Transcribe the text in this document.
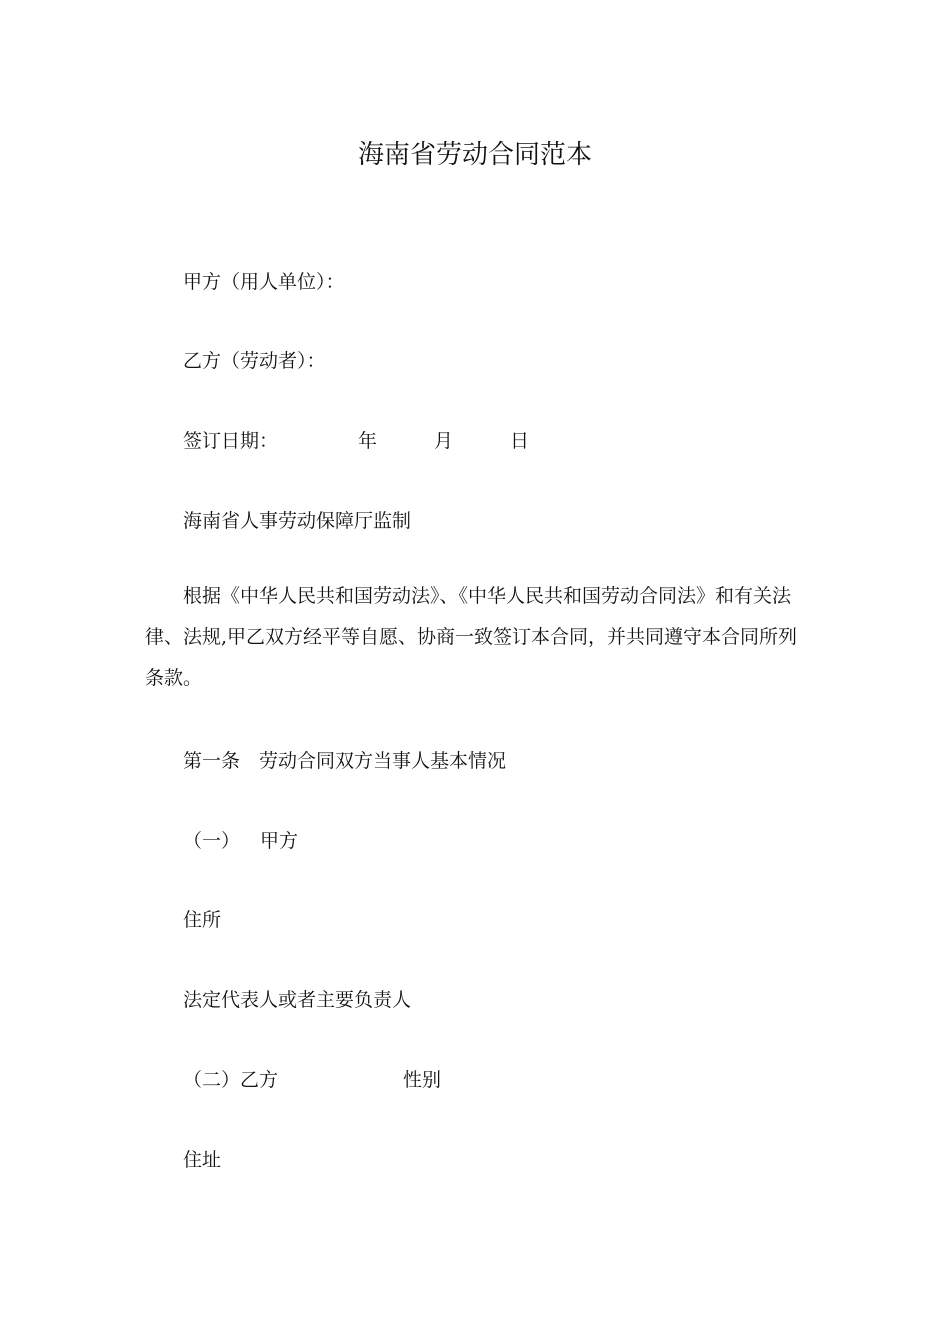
海南省劳动合同范本
甲方（用人单位）：
乙方（劳动者）：
签订日期：	年	月	日
海南省人事劳动保障厅监制
根据《中华人民共和国劳动法》、《中华人民共和国劳动合同法》和有关法律、法规,甲乙双方经平等自愿、协商一致签订本合同，并共同遵守本合同所列条款。
第一条 劳动合同双方当事人基本情况
（一） 甲方
住所
法定代表人或者主要负责人
（二）乙方	性别
住址
